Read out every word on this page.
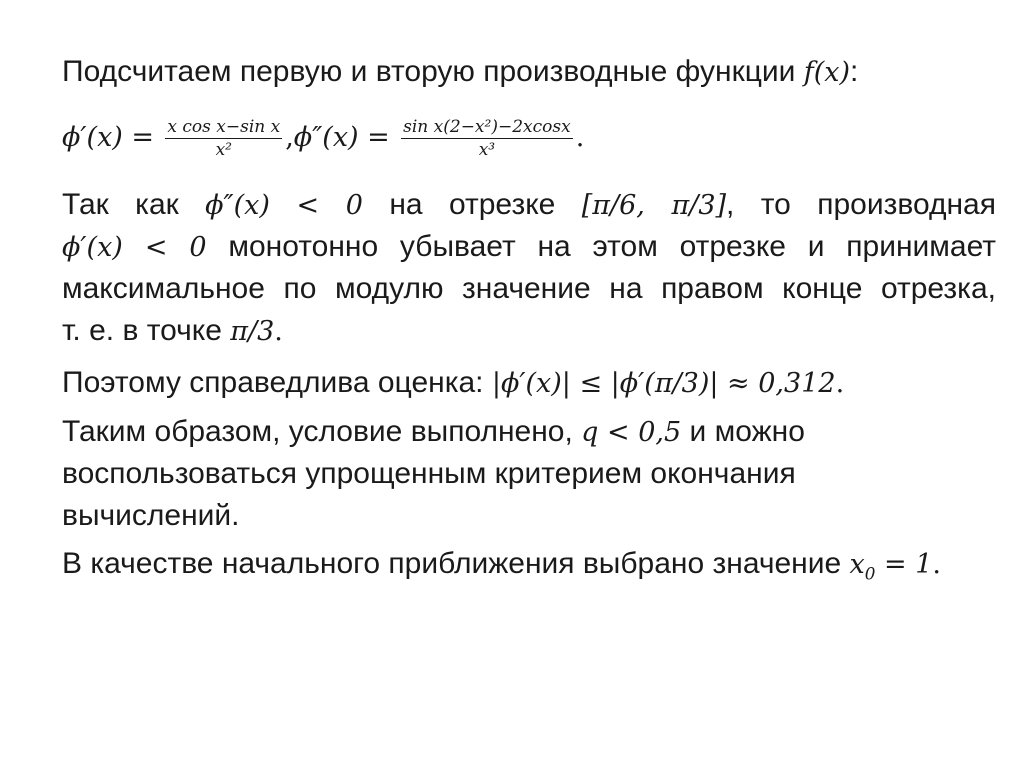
Подсчитаем первую и вторую производные функции f(x):
$\phi'(x) = \frac{\text{x cos x−sin x}}{\text{x²}} ,\phi''(x) = \frac{\text{sin x(2−x²)−2xcosx}}{\text{x³}}$ .
Так как ϕ″(x) < 0 на отрезке [π/6, π/3], то производная
ϕ′(x) < 0 монотонно убывает на этом отрезке и принимает
максимальное по модулю значение на правом конце отрезка,
т. е. в точке π/3.
Поэтому справедлива оценка: |ϕ′(x)| ≤ |ϕ′(π/3)| ≈ 0,312.
Таким образом, условие выполнено, q < 0,5 и можно
воспользоваться упрощенным критерием окончания
вычислений.
В качестве начального приближения выбрано значение $x_0 = 1$.
